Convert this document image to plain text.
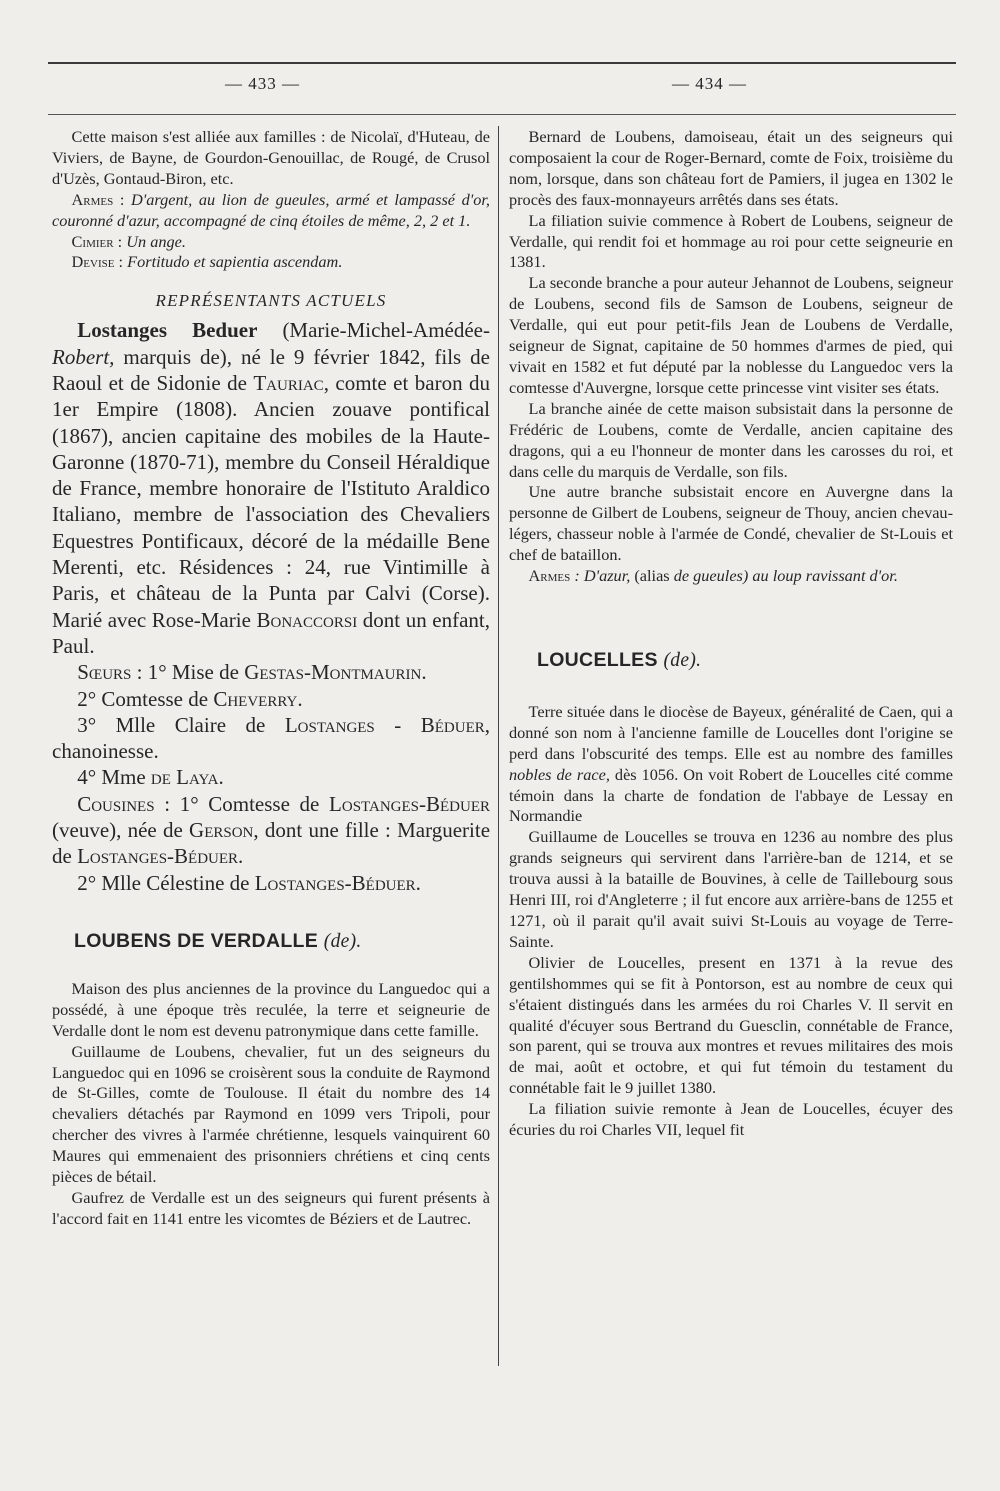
— 433 —	— 434 —

Cette maison s'est alliée aux familles : de Nicolaï, d'Huteau, de Viviers, de Bayne, de Gourdon-Genouillac, de Rougé, de Crusol d'Uzès, Gontaud-Biron, etc.

Armes : D'argent, au lion de gueules, armé et lampassé d'or, couronné d'azur, accompagné de cinq étoiles de même, 2, 2 et 1.

Cimier : Un ange.

Devise : Fortitudo et sapientia ascendam.

REPRÉSENTANTS ACTUELS

Lostanges Beduer (Marie-Michel-Amédée-Robert, marquis de), né le 9 février 1842, fils de Raoul et de Sidonie de Tauriac, comte et baron du 1er Empire (1808). Ancien zouave pontifical (1867), ancien capitaine des mobiles de la Haute-Garonne (1870-71), membre du Conseil Héraldique de France, membre honoraire de l'Istituto Araldico Italiano, membre de l'association des Chevaliers Equestres Pontificaux, décoré de la médaille Bene Merenti, etc. Résidences : 24, rue Vintimille à Paris, et château de la Punta par Calvi (Corse). Marié avec Rose-Marie Bonaccorsi dont un enfant, Paul.

Sœurs : 1° Mise de Gestas-Montmaurin.

2° Comtesse de Cheverry.

3° Mlle Claire de Lostanges - Béduer, chanoinesse.

4° Mme de Laya.

Cousines : 1° Comtesse de Lostanges-Béduer (veuve), née de Gerson, dont une fille : Marguerite de Lostanges-Béduer.

2° Mlle Célestine de Lostanges-Béduer.

LOUBENS DE VERDALLE (de).

Maison des plus anciennes de la province du Languedoc qui a possédé, à une époque très reculée, la terre et seigneurie de Verdalle dont le nom est devenu patronymique dans cette famille.

Guillaume de Loubens, chevalier, fut un des seigneurs du Languedoc qui en 1096 se croisèrent sous la conduite de Raymond de St-Gilles, comte de Toulouse. Il était du nombre des 14 chevaliers détachés par Raymond en 1099 vers Tripoli, pour chercher des vivres à l'armée chrétienne, lesquels vainquirent 60 Maures qui emmenaient des prisonniers chrétiens et cinq cents pièces de bétail.

Gaufrez de Verdalle est un des seigneurs qui furent présents à l'accord fait en 1141 entre les vicomtes de Béziers et de Lautrec.

Bernard de Loubens, damoiseau, était un des seigneurs qui composaient la cour de Roger-Bernard, comte de Foix, troisième du nom, lorsque, dans son château fort de Pamiers, il jugea en 1302 le procès des faux-monnayeurs arrêtés dans ses états.

La filiation suivie commence à Robert de Loubens, seigneur de Verdalle, qui rendit foi et hommage au roi pour cette seigneurie en 1381.

La seconde branche a pour auteur Jehannot de Loubens, seigneur de Loubens, second fils de Samson de Loubens, seigneur de Verdalle, qui eut pour petit-fils Jean de Loubens de Verdalle, seigneur de Signat, capitaine de 50 hommes d'armes de pied, qui vivait en 1582 et fut député par la noblesse du Languedoc vers la comtesse d'Auvergne, lorsque cette princesse vint visiter ses états.

La branche ainée de cette maison subsistait dans la personne de Frédéric de Loubens, comte de Verdalle, ancien capitaine des dragons, qui a eu l'honneur de monter dans les carosses du roi, et dans celle du marquis de Verdalle, son fils.

Une autre branche subsistait encore en Auvergne dans la personne de Gilbert de Loubens, seigneur de Thouy, ancien chevau-légers, chasseur noble à l'armée de Condé, chevalier de St-Louis et chef de bataillon.

Armes : D'azur, (alias de gueules) au loup ravissant d'or.

LOUCELLES (de).

Terre située dans le diocèse de Bayeux, généralité de Caen, qui a donné son nom à l'ancienne famille de Loucelles dont l'origine se perd dans l'obscurité des temps. Elle est au nombre des familles nobles de race, dès 1056. On voit Robert de Loucelles cité comme témoin dans la charte de fondation de l'abbaye de Lessay en Normandie

Guillaume de Loucelles se trouva en 1236 au nombre des plus grands seigneurs qui servirent dans l'arrière-ban de 1214, et se trouva aussi à la bataille de Bouvines, à celle de Taillebourg sous Henri III, roi d'Angleterre ; il fut encore aux arrière-bans de 1255 et 1271, où il parait qu'il avait suivi St-Louis au voyage de Terre-Sainte.

Olivier de Loucelles, present en 1371 à la revue des gentilshommes qui se fit à Pontorson, est au nombre de ceux qui s'étaient distingués dans les armées du roi Charles V. Il servit en qualité d'écuyer sous Bertrand du Guesclin, connétable de France, son parent, qui se trouva aux montres et revues militaires des mois de mai, août et octobre, et qui fut témoin du testament du connétable fait le 9 juillet 1380.

La filiation suivie remonte à Jean de Loucelles, écuyer des écuries du roi Charles VII, lequel fit
